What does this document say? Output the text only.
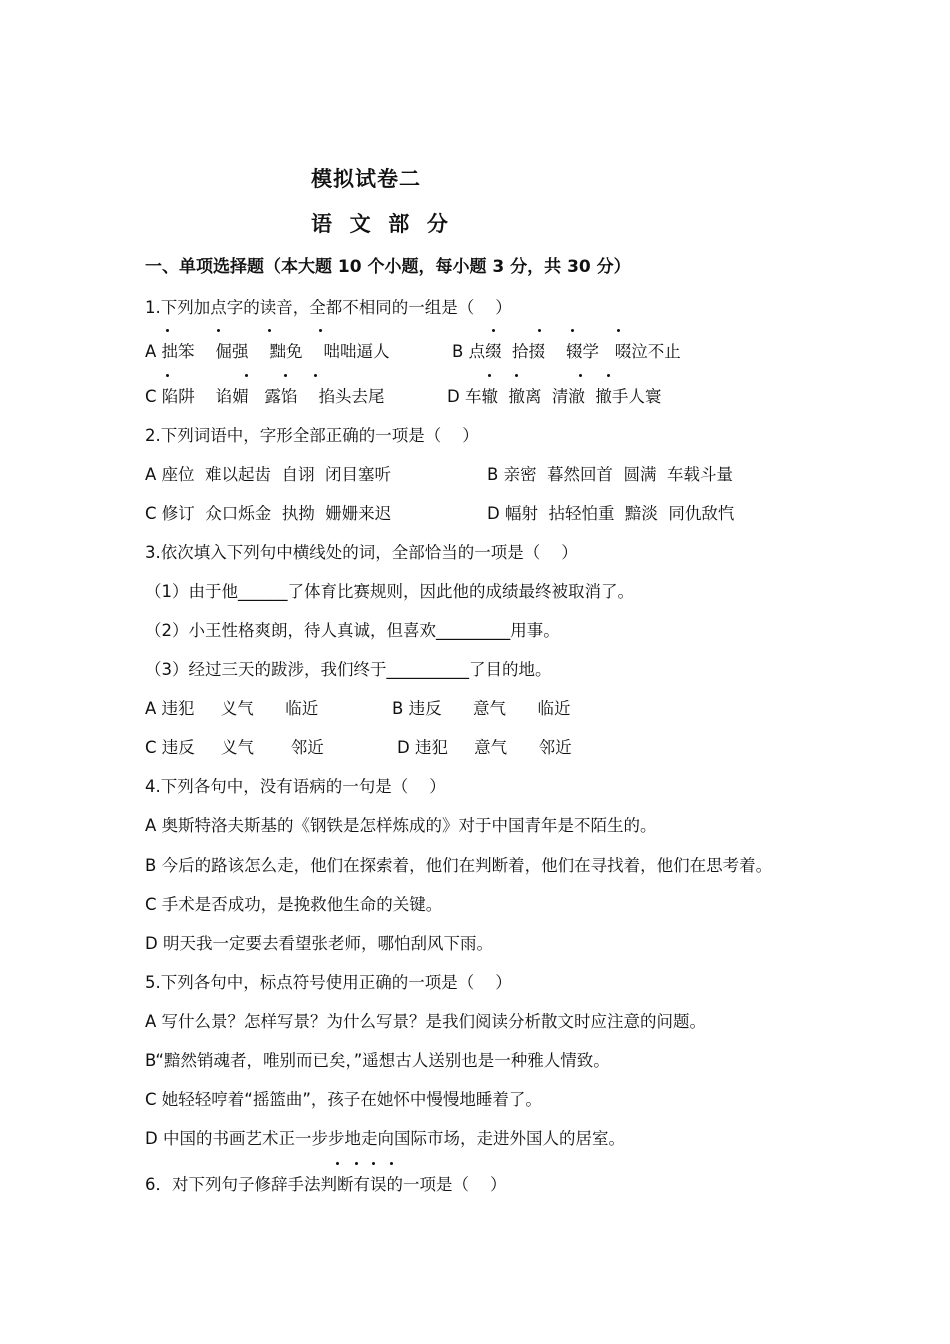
模拟试卷二
语  文  部  分
一、单项选择题（本大题 10 个小题，每小题 3 分，共 30 分）
1.下列加点字的读音，全都不相同的一组是（    ）
A 拙笨    倔强    黜免    咄咄逼人	B 点缀  拾掇    辍学   啜泣不止
C 陷阱    谄媚   露馅    掐头去尾	D 车辙  撤离  清澈  撤手人寰
2.下列词语中，字形全部正确的一项是（    ）
A 座位  难以起齿  自诩  闭目塞听	B 亲密  暮然回首  圆满  车载斗量
C 修订  众口烁金  执拗  姗姗来迟	D 幅射  拈轻怕重  黯淡  同仇敌忾
3.依次填入下列句中横线处的词，全部恰当的一项是（    ）
（1）由于他______了体育比赛规则，因此他的成绩最终被取消了。
（2）小王性格爽朗，待人真诚，但喜欢_________用事。
（3）经过三天的跋涉，我们终于__________了目的地。
A 违犯     义气      临近	B 违反      意气      临近
C 违反     义气       邻近	D 违犯     意气      邻近
4.下列各句中，没有语病的一句是（    ）
A 奥斯特洛夫斯基的《钢铁是怎样炼成的》对于中国青年是不陌生的。
B 今后的路该怎么走，他们在探索着，他们在判断着，他们在寻找着，他们在思考着。
C 手术是否成功，是挽救他生命的关键。
D 明天我一定要去看望张老师，哪怕刮风下雨。
5.下列各句中，标点符号使用正确的一项是（    ）
A 写什么景？怎样写景？为什么写景？是我们阅读分析散文时应注意的问题。
B“黯然销魂者，唯别而已矣，”遥想古人送别也是一种雅人情致。
C 她轻轻哼着“摇篮曲”，孩子在她怀中慢慢地睡着了。
D 中国的书画艺术正一步步地走向国际市场，走进外国人的居室。
6．对下列句子修辞手法判断有误的一项是（    ）
